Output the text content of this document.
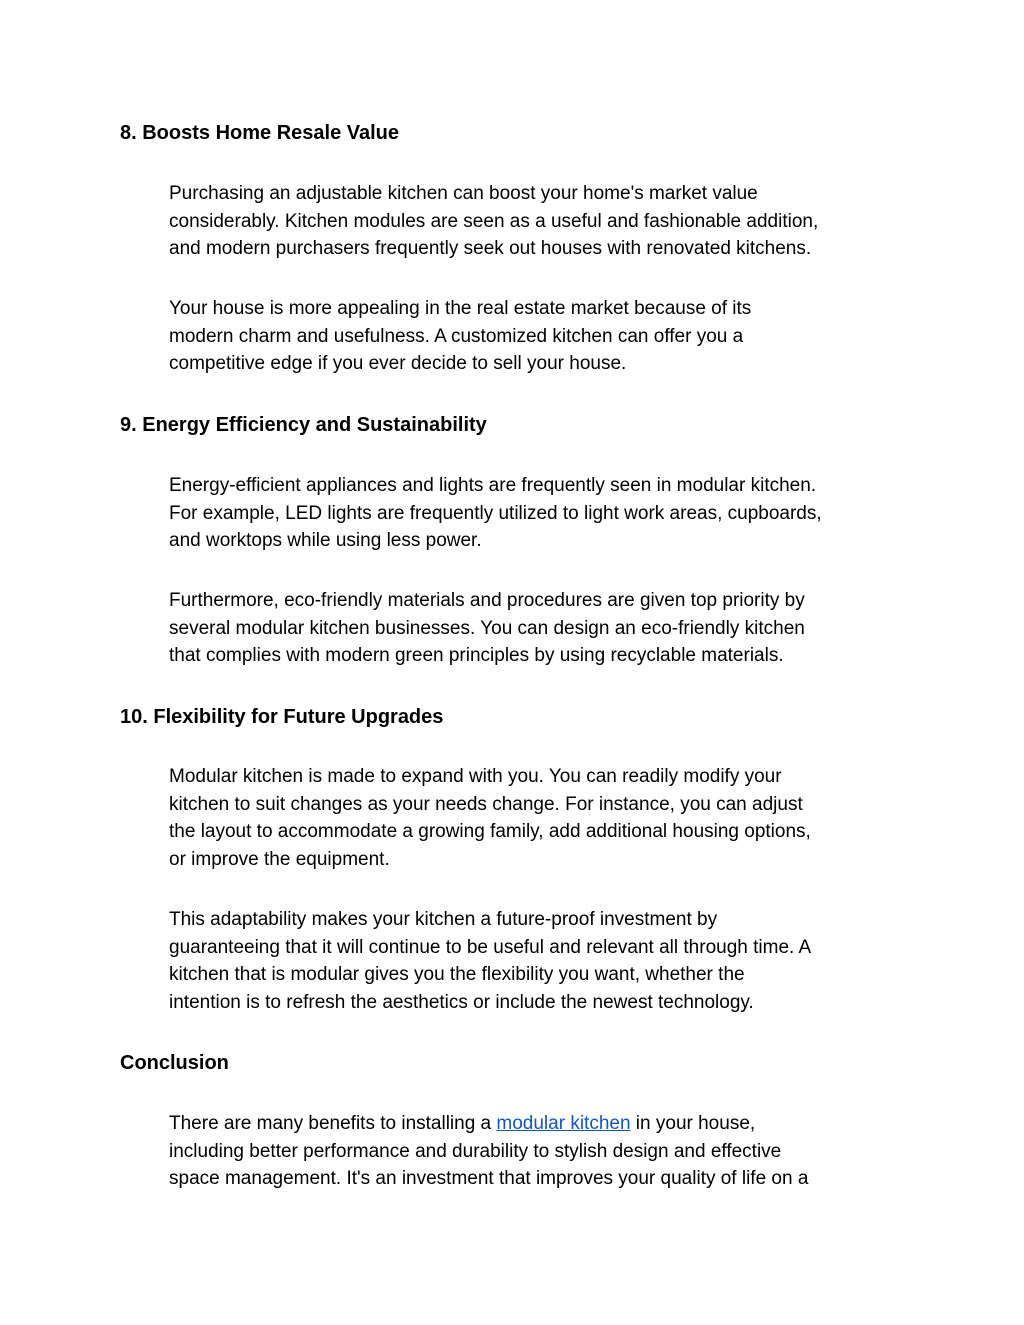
8. Boosts Home Resale Value

Purchasing an adjustable kitchen can boost your home's market value
considerably. Kitchen modules are seen as a useful and fashionable addition,
and modern purchasers frequently seek out houses with renovated kitchens.

Your house is more appealing in the real estate market because of its
modern charm and usefulness. A customized kitchen can offer you a
competitive edge if you ever decide to sell your house.

9. Energy Efficiency and Sustainability

Energy-efficient appliances and lights are frequently seen in modular kitchen.
For example, LED lights are frequently utilized to light work areas, cupboards,
and worktops while using less power.

Furthermore, eco-friendly materials and procedures are given top priority by
several modular kitchen businesses. You can design an eco-friendly kitchen
that complies with modern green principles by using recyclable materials.

10. Flexibility for Future Upgrades

Modular kitchen is made to expand with you. You can readily modify your
kitchen to suit changes as your needs change. For instance, you can adjust
the layout to accommodate a growing family, add additional housing options,
or improve the equipment.

This adaptability makes your kitchen a future-proof investment by
guaranteeing that it will continue to be useful and relevant all through time. A
kitchen that is modular gives you the flexibility you want, whether the
intention is to refresh the aesthetics or include the newest technology.

Conclusion

There are many benefits to installing a modular kitchen in your house,
including better performance and durability to stylish design and effective
space management. It's an investment that improves your quality of life on a
